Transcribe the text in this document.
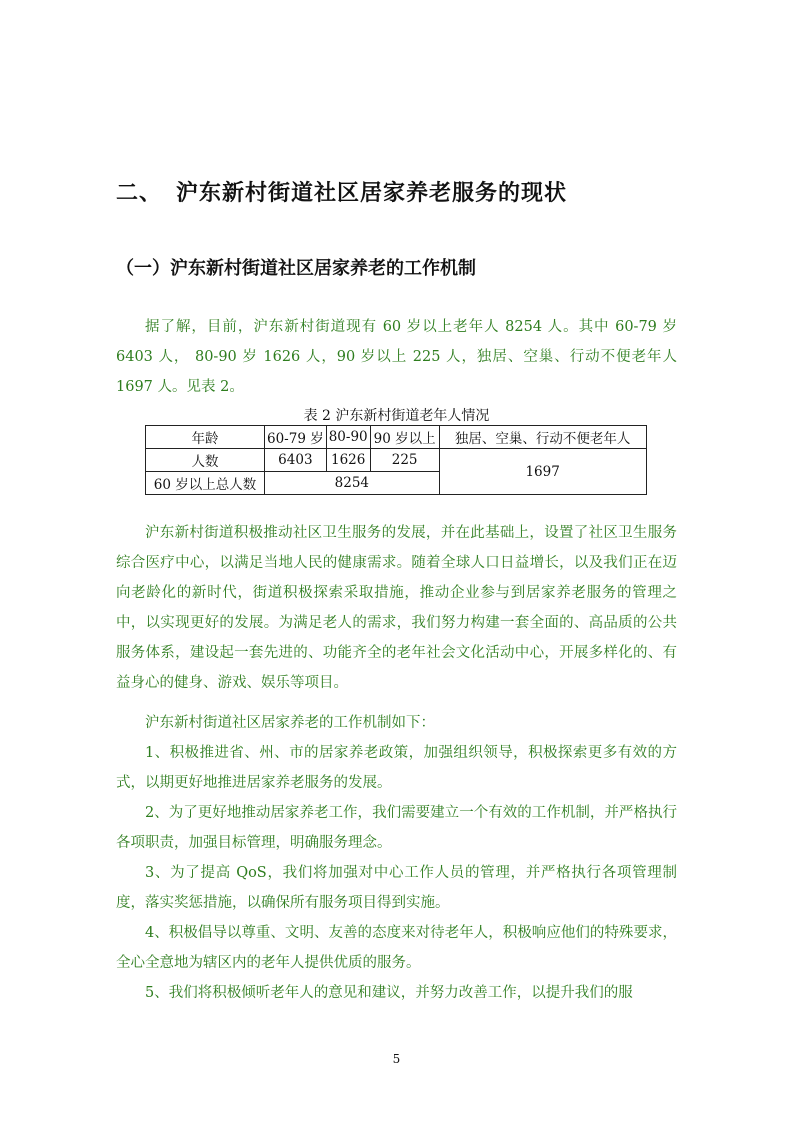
二、 沪东新村街道社区居家养老服务的现状
（一）沪东新村街道社区居家养老的工作机制
据了解，目前，沪东新村街道现有 60 岁以上老年人 8254 人。其中 60-79 岁 6403 人， 80-90 岁 1626 人，90 岁以上 225 人，独居、空巢、行动不便老年人 1697 人。见表 2。
表 2 沪东新村街道老年人情况
年龄	60-79 岁	80-90	90 岁以上	独居、空巢、行动不便老年人
人数	6403	1626	225	1697
60 岁以上总人数	8254			
沪东新村街道积极推动社区卫生服务的发展，并在此基础上，设置了社区卫生服务综合医疗中心，以满足当地人民的健康需求。随着全球人口日益增长，以及我们正在迈向老龄化的新时代，街道积极探索采取措施，推动企业参与到居家养老服务的管理之中，以实现更好的发展。为满足老人的需求，我们努力构建一套全面的、高品质的公共服务体系，建设起一套先进的、功能齐全的老年社会文化活动中心，开展多样化的、有益身心的健身、游戏、娱乐等项目。
沪东新村街道社区居家养老的工作机制如下：
1、积极推进省、州、市的居家养老政策，加强组织领导，积极探索更多有效的方式，以期更好地推进居家养老服务的发展。
2、为了更好地推动居家养老工作，我们需要建立一个有效的工作机制，并严格执行各项职责，加强目标管理，明确服务理念。
3、为了提高 QoS，我们将加强对中心工作人员的管理，并严格执行各项管理制度，落实奖惩措施，以确保所有服务项目得到实施。
4、积极倡导以尊重、文明、友善的态度来对待老年人，积极响应他们的特殊要求，全心全意地为辖区内的老年人提供优质的服务。
5、我们将积极倾听老年人的意见和建议，并努力改善工作，以提升我们的服
5
